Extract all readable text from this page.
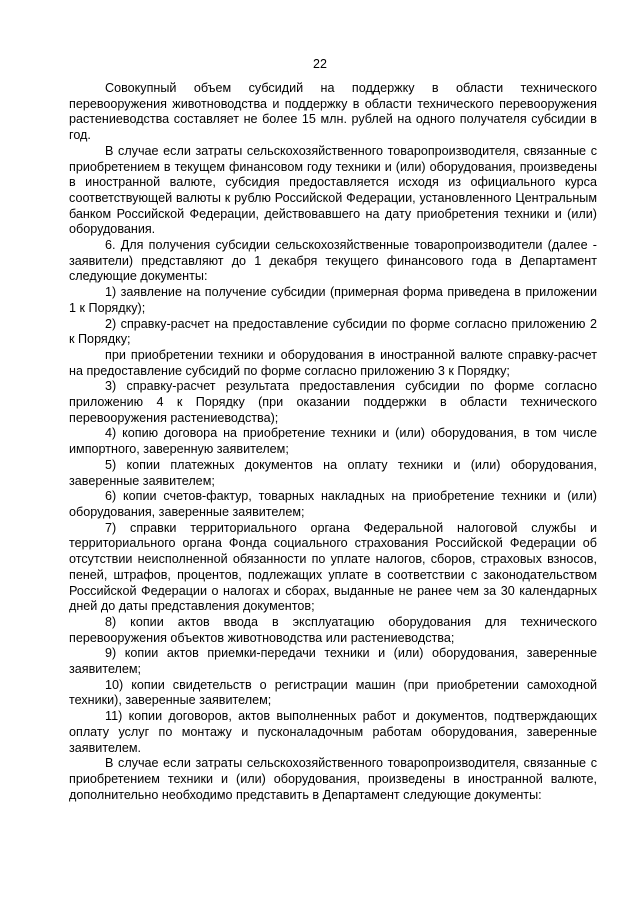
22

Совокупный объем субсидий на поддержку в области технического перевооружения животноводства и поддержку в области технического перевооружения растениеводства составляет не более 15 млн. рублей на одного получателя субсидии в год.

В случае если затраты сельскохозяйственного товаропроизводителя, связанные с приобретением в текущем финансовом году техники и (или) оборудования, произведены в иностранной валюте, субсидия предоставляется исходя из официального курса соответствующей валюты к рублю Российской Федерации, установленного Центральным банком Российской Федерации, действовавшего на дату приобретения техники и (или) оборудования.

6. Для получения субсидии сельскохозяйственные товаропроизводители (далее - заявители) представляют до 1 декабря текущего финансового года в Департамент следующие документы:

1) заявление на получение субсидии (примерная форма приведена в приложении 1 к Порядку);

2) справку-расчет на предоставление субсидии по форме согласно приложению 2 к Порядку;

при приобретении техники и оборудования в иностранной валюте справку-расчет на предоставление субсидий по форме согласно приложению 3 к Порядку;

3) справку-расчет результата предоставления субсидии по форме согласно приложению 4 к Порядку (при оказании поддержки в области технического перевооружения растениеводства);

4) копию договора на приобретение техники и (или) оборудования, в том числе импортного, заверенную заявителем;

5) копии платежных документов на оплату техники и (или) оборудования, заверенные заявителем;

6) копии счетов-фактур, товарных накладных на приобретение техники и (или) оборудования, заверенные заявителем;

7) справки территориального органа Федеральной налоговой службы и территориального органа Фонда социального страхования Российской Федерации об отсутствии неисполненной обязанности по уплате налогов, сборов, страховых взносов, пеней, штрафов, процентов, подлежащих уплате в соответствии с законодательством Российской Федерации о налогах и сборах, выданные не ранее чем за 30 календарных дней до даты представления документов;

8) копии актов ввода в эксплуатацию оборудования для технического перевооружения объектов животноводства или растениеводства;

9) копии актов приемки-передачи техники и (или) оборудования, заверенные заявителем;

10) копии свидетельств о регистрации машин (при приобретении самоходной техники), заверенные заявителем;

11) копии договоров, актов выполненных работ и документов, подтверждающих оплату услуг по монтажу и пусконаладочным работам оборудования, заверенные заявителем.

В случае если затраты сельскохозяйственного товаропроизводителя, связанные с приобретением техники и (или) оборудования, произведены в иностранной валюте, дополнительно необходимо представить в Департамент следующие документы:
